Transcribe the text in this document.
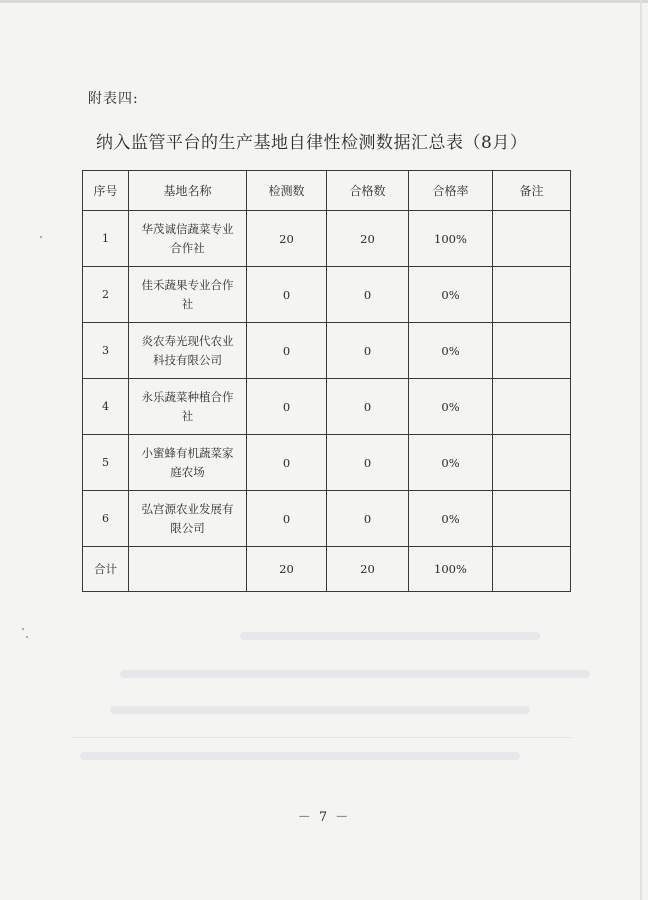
附表四:
纳入监管平台的生产基地自律性检测数据汇总表（8月）
序号	基地名称	检测数	合格数	合格率	备注
1	华茂诚信蔬菜专业
合作社	20	20	100%	
2	佳禾蔬果专业合作
社	0	0	0%	
3	炎农寿光现代农业
科技有限公司	0	0	0%	
4	永乐蔬菜种植合作
社	0	0	0%	
5	小蜜蜂有机蔬菜家
庭农场	0	0	0%	
6	弘宫源农业发展有
限公司	0	0	0%	
合计		20	20	100%	
－ 7 －
